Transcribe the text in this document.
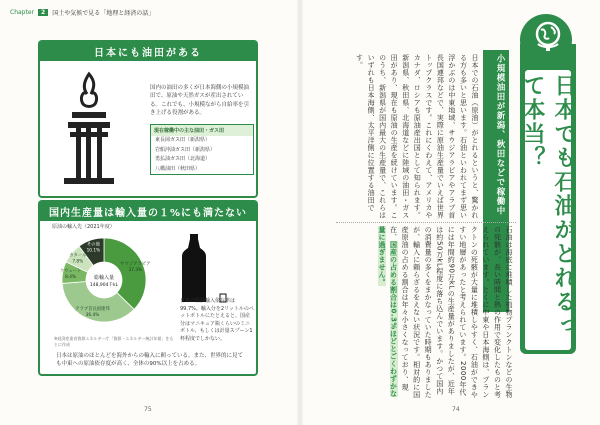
Chapter	2	国土や気候で見る「地理と経済の話」
日本にも油田がある
国内の油田の多くが日本海側の小規模油田で、原油や天然ガスが産出されている。これでも、小規模ながら自給率を引き上げる役割がある。
現在稼働中の主な油田・ガス田
東長岡ガス田（新潟県）
岩船沖油ガス田（新潟県）
勇払油ガス田（北海道）
八橋油田（秋田県）
国内生産量は輸入量の１%にも満たない
原油の輸入先（2021年度）
総輸入量
148,904千kL
サウジアラビア
37.3%
アラブ首長国連邦
36.4%
クウェート
8.4%
カタール
7.8%
その他
10.1%
※経済産業省資源エネルギー庁「資源・エネルギー統計年報」をもとに作成
日本の原油輸入依存率は99.7%。輸入分を2リットルのペットボトルにたとえると、国産分はマニキュア瓶くらいのミニボトル、もしくは計量スプーン1杯程度でしかない。
日本は原油のほとんどを海外からの輸入に頼っている。また、世界的に見ても中東への原油依存度が高く、全体の90%以上を占める。
75
日本でも石油がとれるって本当？
小規模油田が新潟、秋田などで稼働中
日本での石油（原油）がとれるというと、驚かれる方も多いと思います。石油といわれてまず思い浮かぶのは中東地域、サウジアラビアやアラブ首長国連邦などで、実際に原油生産量でいえば世界トップクラスです。これにくわえて、アメリカやカナダ、ロシアも原油産出国として知られます。新潟県、秋田県、北海道などに陸域の油田・ガス田があり、現在も原油の生産を続けています。このうち、新潟県が国内最大の生産量で、これらはいずれも日本海側、太平洋側に位置する油田です。
石油は海底に堆積した植物プランクトンなどの生物の死骸が、長い時間と熱の作用で変化したものと考えられています。とくに中東や日本海側は、プランクトンの死骸が大量に堆積しやすく、石油ができやすい地層があったと考えられています。2000年代には年間約90万kLの生産量がありましたが、近年は約50万kL程度に落ち込んでいます。かつて国内の消費量の多くをまかなっていた時期もありましたが、輸入に頼らざるをえない状況です。相対的に国産原油の占める割合は年々小さくなっており、現在、国産の占める割合は0.3%ほどとごくわずかな量に過ぎません。
74
